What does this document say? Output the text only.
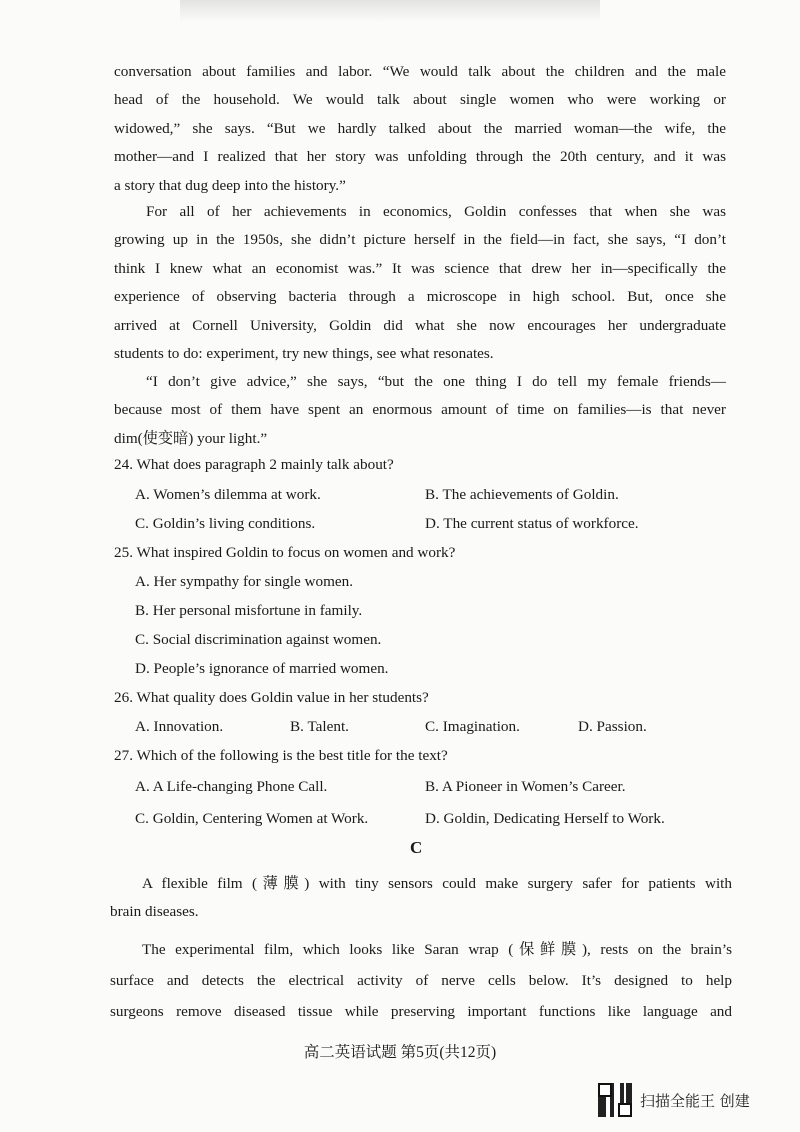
conversation about families and labor. “We would talk about the children and the male
head of the household. We would talk about single women who were working or
widowed,” she says. “But we hardly talked about the married woman—the wife, the
mother—and I realized that her story was unfolding through the 20th century, and it was
a story that dug deep into the history.”
For all of her achievements in economics, Goldin confesses that when she was
growing up in the 1950s, she didn’t picture herself in the field—in fact, she says, “I don’t
think I knew what an economist was.” It was science that drew her in—specifically the
experience of observing bacteria through a microscope in high school. But, once she
arrived at Cornell University, Goldin did what she now encourages her undergraduate
students to do: experiment, try new things, see what resonates.
“I don’t give advice,” she says, “but the one thing I do tell my female friends—
because most of them have spent an enormous amount of time on families—is that never
dim(使变暗) your light.”

24. What does paragraph 2 mainly talk about?

A. Women’s dilemma at work.	B. The achievements of Goldin.

C. Goldin’s living conditions.	D. The current status of workforce.

25. What inspired Goldin to focus on women and work?

A. Her sympathy for single women.

B. Her personal misfortune in family.

C. Social discrimination against women.

D. People’s ignorance of married women.

26. What quality does Goldin value in her students?

A. Innovation.	B. Talent.	C. Imagination.	D. Passion.

27. Which of the following is the best title for the text?

A. A Life-changing Phone Call.	B. A Pioneer in Women’s Career.

C. Goldin, Centering Women at Work.	D. Goldin, Dedicating Herself to Work.

C

A flexible film (薄膜) with tiny sensors could make surgery safer for patients with
brain diseases.
The experimental film, which looks like Saran wrap (保鲜膜), rests on the brain’s
surface and detects the electrical activity of nerve cells below. It’s designed to help
surgeons remove diseased tissue while preserving important functions like language and

高二英语试题 第5页(共12页)

扫描全能王 创建
